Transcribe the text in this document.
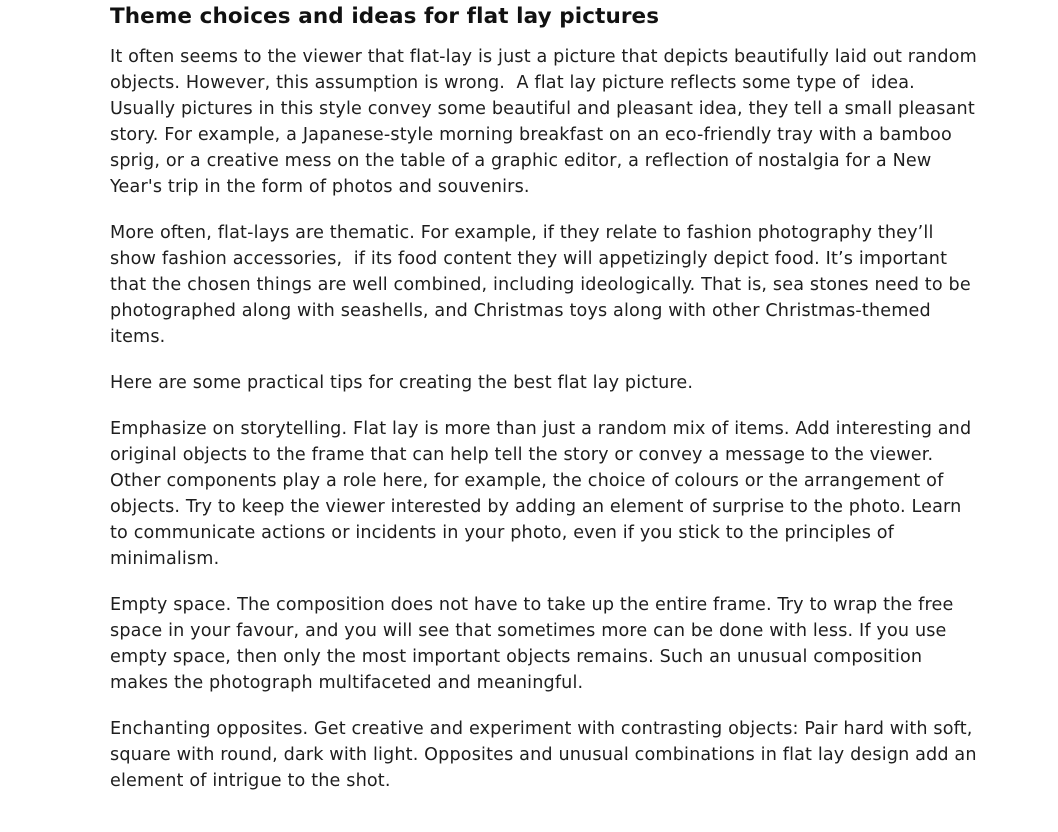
Theme choices and ideas for flat lay pictures

It often seems to the viewer that flat-lay is just a picture that depicts beautifully laid out random objects. However, this assumption is wrong.  A flat lay picture reflects some type of  idea. Usually pictures in this style convey some beautiful and pleasant idea, they tell a small pleasant story. For example, a Japanese-style morning breakfast on an eco-friendly tray with a bamboo sprig, or a creative mess on the table of a graphic editor, a reflection of nostalgia for a New Year's trip in the form of photos and souvenirs.

More often, flat-lays are thematic. For example, if they relate to fashion photography they’ll  show fashion accessories,  if its food content they will appetizingly depict food. It’s important that the chosen things are well combined, including ideologically. That is, sea stones need to be photographed along with seashells, and Christmas toys along with other Christmas-themed items.

Here are some practical tips for creating the best flat lay picture.

Emphasize on storytelling. Flat lay is more than just a random mix of items. Add interesting and original objects to the frame that can help tell the story or convey a message to the viewer. Other components play a role here, for example, the choice of colours or the arrangement of objects. Try to keep the viewer interested by adding an element of surprise to the photo. Learn to communicate actions or incidents in your photo, even if you stick to the principles of minimalism.

Empty space. The composition does not have to take up the entire frame. Try to wrap the free space in your favour, and you will see that sometimes more can be done with less. If you use empty space, then only the most important objects remains. Such an unusual composition makes the photograph multifaceted and meaningful.

Enchanting opposites. Get creative and experiment with contrasting objects: Pair hard with soft, square with round, dark with light. Opposites and unusual combinations in flat lay design add an element of intrigue to the shot.
